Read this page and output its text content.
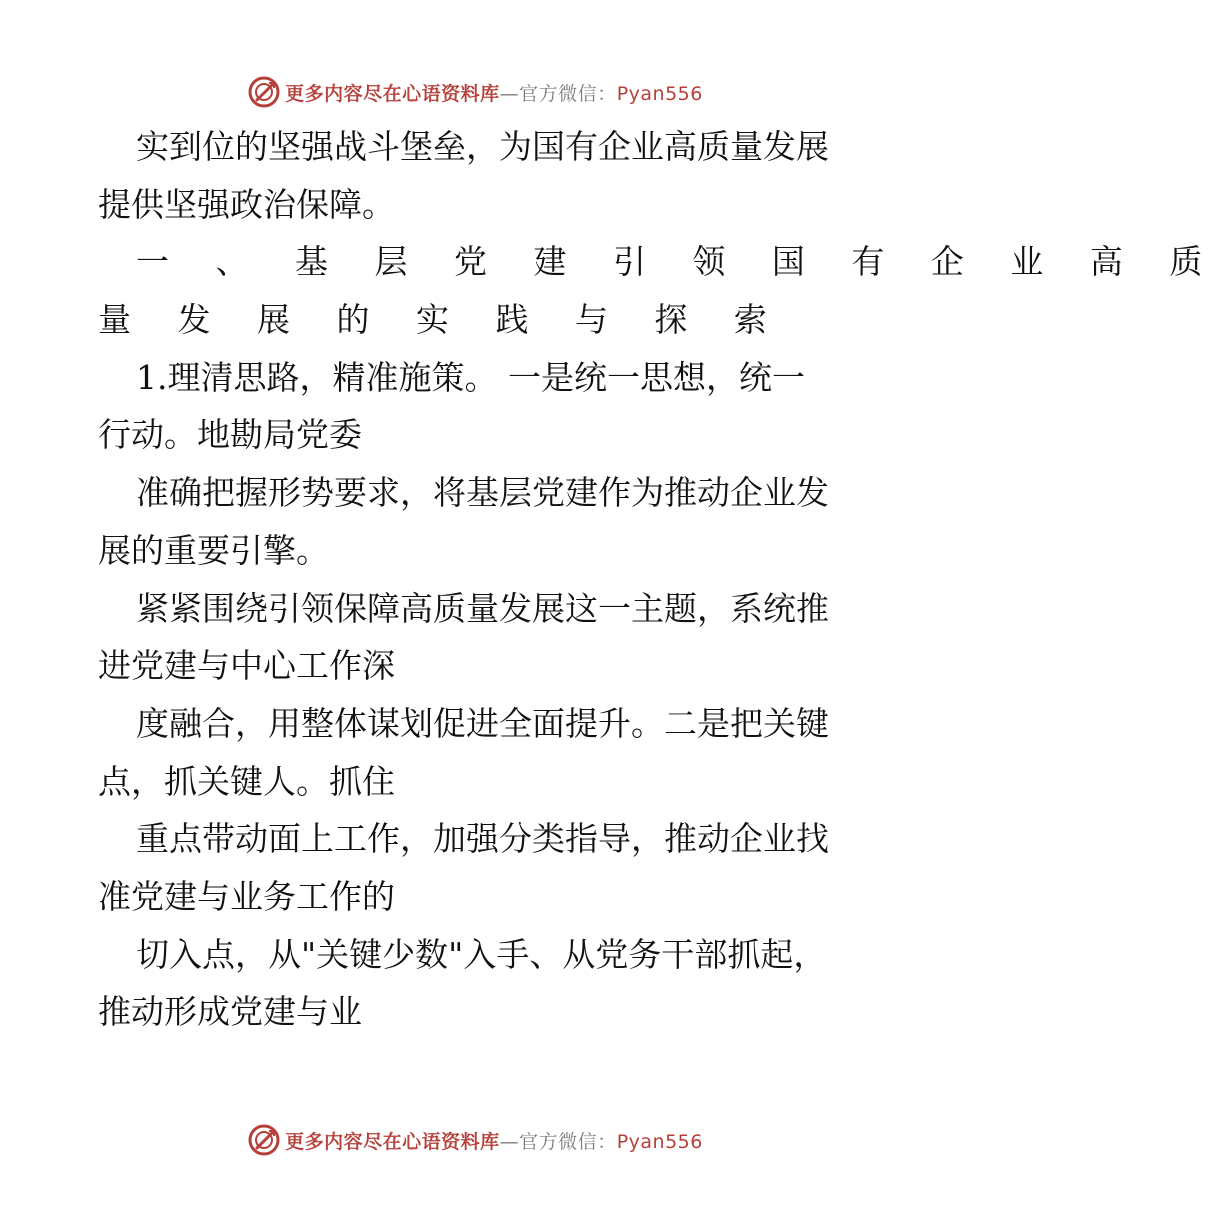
更多内容尽在心语资料库—官方微信：Pyan556
实到位的坚强战斗堡垒，为国有企业高质量发展
提供坚强政治保障。
一 、 基 层 党 建 引 领 国 有 企 业 高 质
量 发 展 的 实 践 与 探 索
1.理清思路，精准施策。 一是统一思想，统一
行动。地勘局党委
准确把握形势要求，将基层党建作为推动企业发
展的重要引擎。
紧紧围绕引领保障高质量发展这一主题，系统推
进党建与中心工作深
度融合，用整体谋划促进全面提升。二是把关键
点，抓关键人。抓住
重点带动面上工作，加强分类指导，推动企业找
准党建与业务工作的
切入点，从"关键少数"入手、从党务干部抓起，
推动形成党建与业
更多内容尽在心语资料库—官方微信：Pyan556
